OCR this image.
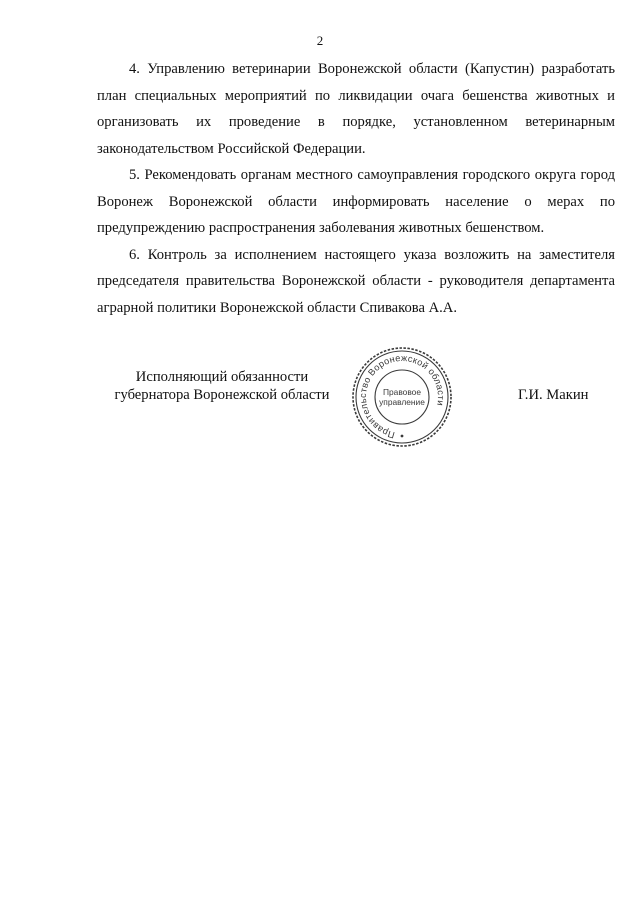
2

4. Управлению ветеринарии Воронежской области (Капустин) разработать план специальных мероприятий по ликвидации очага бешенства животных и организовать их проведение в порядке, установленном ветеринарным законодательством Российской Федерации.

5. Рекомендовать органам местного самоуправления городского округа город Воронеж Воронежской области информировать население о мерах по предупреждению распространения заболевания животных бешенством.

6. Контроль за исполнением настоящего указа возложить на заместителя председателя правительства Воронежской области - руководителя департамента аграрной политики Воронежской области Спивакова А.А.

Исполняющий обязанности
губернатора Воронежской области
Правительство Воронежской области
Правовое
управление	Г.И. Макин
